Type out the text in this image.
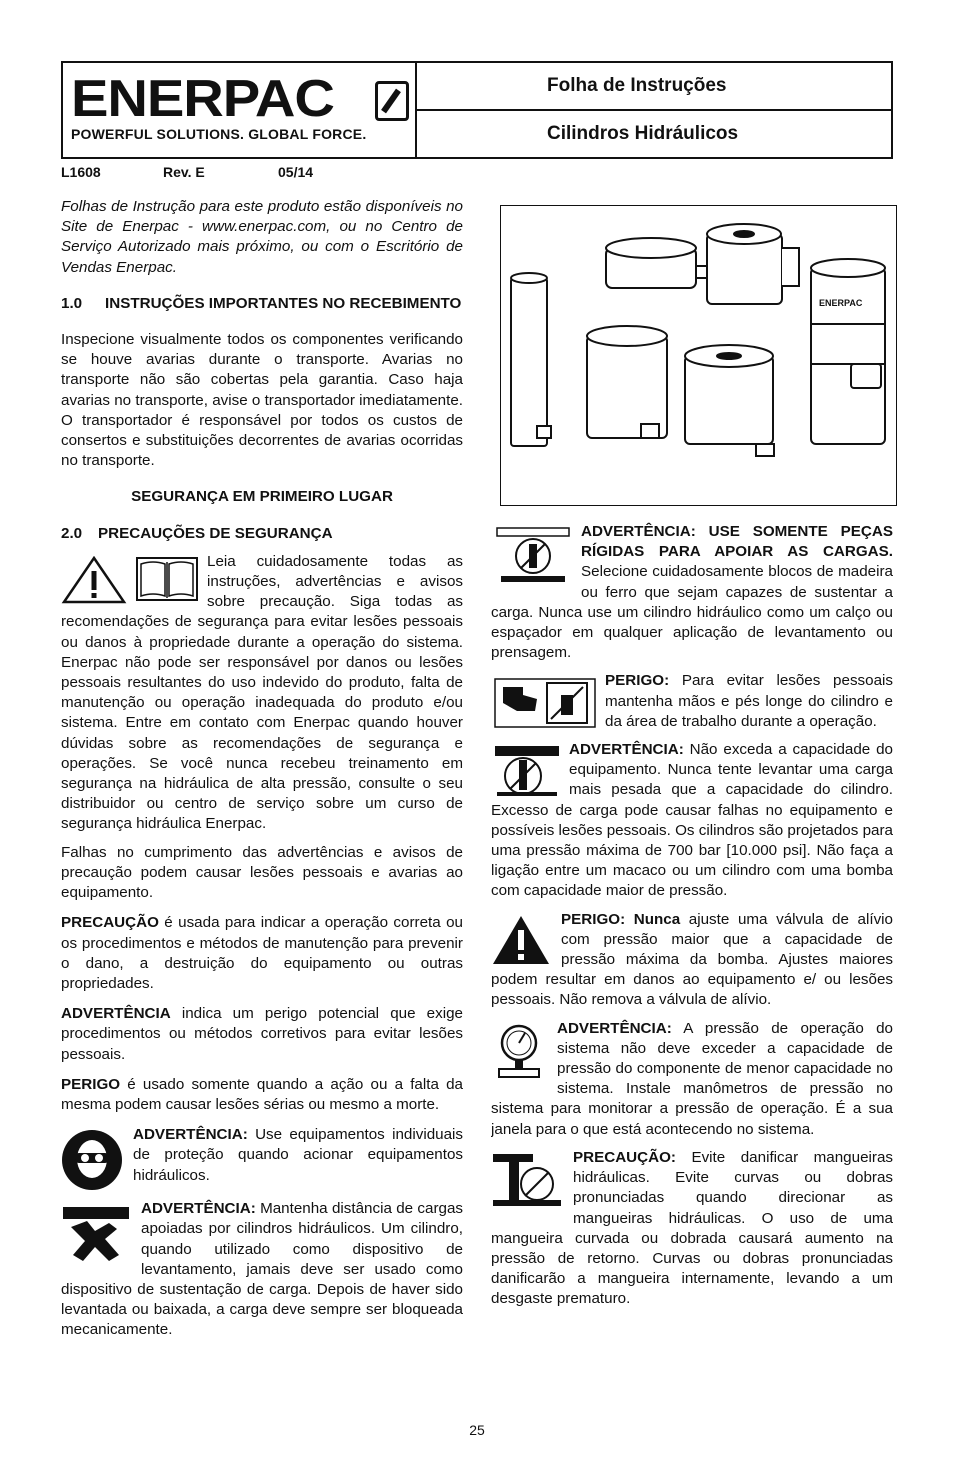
ENERPAC
POWERFUL SOLUTIONS. GLOBAL FORCE.
Folha de Instruções
Cilindros Hidráulicos
L1608	Rev. E	05/14

Folhas de Instrução para este produto estão disponíveis no Site de Enerpac - www.enerpac.com, ou no Centro de Serviço Autorizado mais próximo, ou com o Escritório de Vendas Enerpac.

1.0	INSTRUÇÕES IMPORTANTES NO RECEBIMENTO

Inspecione visualmente todos os componentes verificando se houve avarias durante o transporte. Avarias no transporte não são cobertas pela garantia. Caso haja avarias no transporte, avise o transportador imediatamente. O transportador é responsável por todos os custos de consertos e substituições decorrentes de avarias ocorridas no transporte.

SEGURANÇA EM PRIMEIRO LUGAR
2.0	PRECAUÇÕES DE SEGURANÇA

Leia cuidadosamente todas as instruções, advertências e avisos sobre precaução. Siga todas as recomendações de segurança para evitar lesões pessoais ou danos à propriedade durante a operação do sistema. Enerpac não pode ser responsável por danos ou lesões pessoais resultantes do uso indevido do produto, falta de manutenção ou operação inadequada do produto e/ou sistema. Entre em contato com Enerpac quando houver dúvidas sobre as recomendações de segurança e operações. Se você nunca recebeu treinamento em segurança na hidráulica de alta pressão, consulte o seu distribuidor ou centro de serviço sobre um curso de segurança hidráulica Enerpac.

Falhas no cumprimento das advertências e avisos de precaução podem causar lesões pessoais e avarias ao equipamento.

PRECAUÇÃO é usada para indicar a operação correta ou os procedimentos e métodos de manutenção para prevenir o dano, a destruição do equipamento ou outras propriedades.

ADVERTÊNCIA indica um perigo potencial que exige procedimentos ou métodos corretivos para evitar lesões pessoais.

PERIGO é usado somente quando a ação ou a falta da mesma podem causar lesões sérias ou mesmo a morte.

ADVERTÊNCIA: Use equipamentos individuais de proteção quando acionar equipamentos hidráulicos.

ADVERTÊNCIA: Mantenha distância de cargas apoiadas por cilindros hidráulicos. Um cilindro, quando utilizado como dispositivo de levantamento, jamais deve ser usado como dispositivo de sustentação de carga. Depois de haver sido levantada ou baixada, a carga deve sempre ser bloqueada mecanicamente.

ENERPAC

ADVERTÊNCIA: USE SOMENTE PEÇAS RÍGIDAS PARA APOIAR AS CARGAS. Selecione cuidadosamente blocos de madeira ou ferro que sejam capazes de sustentar a carga. Nunca use um cilindro hidráulico como um calço ou espaçador em qualquer aplicação de levantamento ou prensagem.

PERIGO: Para evitar lesões pessoais mantenha mãos e pés longe do cilindro e da área de trabalho durante a operação.

ADVERTÊNCIA: Não exceda a capacidade do equipamento. Nunca tente levantar uma carga mais pesada que a capacidade do cilindro. Excesso de carga pode causar falhas no equipamento e possíveis lesões pessoais. Os cilindros são projetados para uma pressão máxima de 700 bar [10.000 psi]. Não faça a ligação entre um macaco ou um cilindro com uma bomba com capacidade maior de pressão.

PERIGO: Nunca ajuste uma válvula de alívio com pressão maior que a capacidade de pressão máxima da bomba. Ajustes maiores podem resultar em danos ao equipamento e/ ou lesões pessoais. Não remova a válvula de alívio.

ADVERTÊNCIA: A pressão de operação do sistema não deve exceder a capacidade de pressão do componente de menor capacidade no sistema. Instale manômetros de pressão no sistema para monitorar a pressão de operação. É a sua janela para o que está acontecendo no sistema.

PRECAUÇÃO: Evite danificar mangueiras hidráulicas. Evite curvas ou dobras pronunciadas quando direcionar as mangueiras hidráulicas. O uso de uma mangueira curvada ou dobrada causará aumento na pressão de retorno. Curvas ou dobras pronunciadas danificarão a mangueira internamente, levando a um desgaste prematuro.

25
